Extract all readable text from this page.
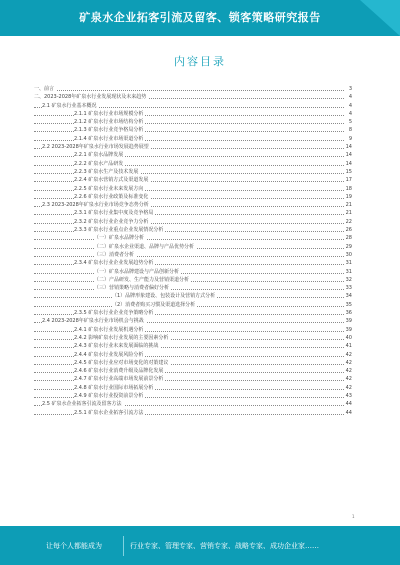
矿泉水企业拓客引流及留客、锁客策略研究报告
内容目录
一、前言	3
二、2023-2028年矿泉水行业发展现状及未来趋势	4
2.1 矿泉水行业基本概况	4
2.1.1 矿泉水行业市场规模分析	4
2.1.2 矿泉水行业市场结构分析	5
2.1.3 矿泉水行业竞争格局分析	8
2.1.4 矿泉水行业市场渠道分析	9
2.2 2023-2028年矿泉水行业市场发展趋势展望	14
2.2.1 矿泉水品牌发展	14
2.2.2 矿泉水产品研发	14
2.2.3 矿泉水生产及技术发展	15
2.2.4 矿泉水营销方式及渠道发展	17
2.2.5 矿泉水行业未来发展方向	18
2.2.6 矿泉水行业政策及标准变化	19
2.3 2023-2028年矿泉水行业市场竞争态势分析	21
2.3.1 矿泉水行业集中度及竞争格局	21
2.3.2 矿泉水行业企业竞争力分析	22
2.3.3 矿泉水行业重点企业发展情况分析	26
（一）矿泉水品牌分析	28
（二）矿泉水企业渠道、品牌与产品优势分析	29
（三）消费者分析	30
2.3.4 矿泉水行业企业发展趋势分析	31
（一）矿泉水品牌建设与产品创新分析	31
（二）产品研发、生产能力及营销渠道分析	32
（三）营销策略与消费者偏好分析	33
（1）品牌形象建设、包装设计及营销方式分析	34
（2）消费者购买习惯及渠道选择分析	35
2.3.5 矿泉水行业企业竞争策略分析	36
2.4 2023-2028年矿泉水行业市场机会与挑战	39
2.4.1 矿泉水行业发展机遇分析	39
2.4.2 影响矿泉水行业发展的主要因素分析	40
2.4.3 矿泉水行业未来发展面临的挑战	41
2.4.4 矿泉水行业发展风险分析	42
2.4.5 矿泉水行业应对市场变化的对策建议	42
2.4.6 矿泉水行业消费升级及品牌化发展	42
2.4.7 矿泉水行业高端市场发展前景分析	42
2.4.8 矿泉水行业国际市场拓展分析	42
2.4.9 矿泉水行业投资前景分析	43
2.5 矿泉水企业拓客引流及留客方法	44
2.5.1 矿泉水企业拓客引流方法	44
1
让每个人都能成为	行业专家、管理专家、营销专家、战略专家、成功企业家……
